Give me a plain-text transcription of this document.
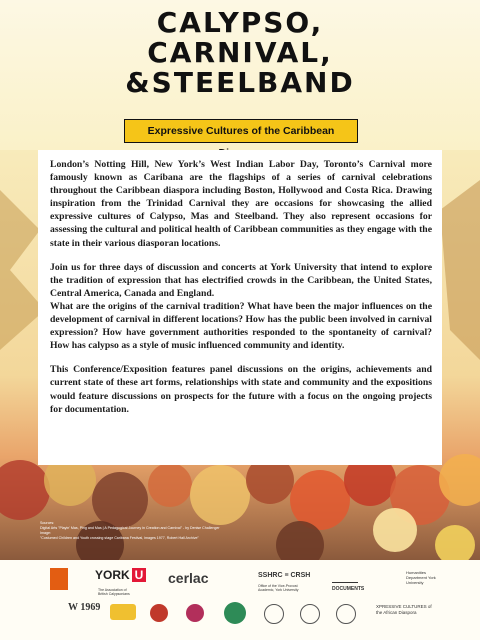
CALYPSO,
CARNIVAL,
&STEELBAND
Expressive Cultures of the Caribbean

London’s Notting Hill, New York’s West Indian Labor Day, Toronto’s Carnival more famously known as Caribana are the flagships of a series of carnival celebrations throughout the Caribbean diaspora including Boston, Hollywood and Costa Rica. Drawing inspiration from the Trinidad Carnival they are occasions for showcasing the allied expressive cultures of Calypso, Mas and Steelband. They also represent occasions for assessing the cultural and political health of Caribbean communities as they engage with the state in their various diasporan locations.

Join us for three days of discussion and concerts at York University that intend to explore the tradition of expression that has electrified crowds in the Caribbean, the United States, Central America, Canada and England.

What are the origins of the carnival tradition? What have been the major influences on the development of carnival in different locations? How has the public been involved in carnival expression? How have government authorities responded to the spontaneity of carnival? How has calypso as a style of music influenced community and identity.

This Conference/Exposition features panel discussions on the origins, achievements and current state of these art forms, relationships with state and community and the expositions would feature discussions on prospects for the future with a focus on the ongoing projects for documentation.

Sources:
Digital Arts "Playin' Mas, Ping and Mas | A Pedagogical Journey in Creation and Carnival" - by Denise Challenger
Image:
"Costumed Children and Youth crossing stage Caribana Festival, images 1977, Robert Hall Archive"
YORK U
The Association of British Calypsonians
cerlac	SSHRC ≡ CRSH
Office of the Vice-Provost Academic, York University	DOCUMENTS
Humanities Department York University
W 1969	XPRESSIVE CULTURES of the African Diaspora
